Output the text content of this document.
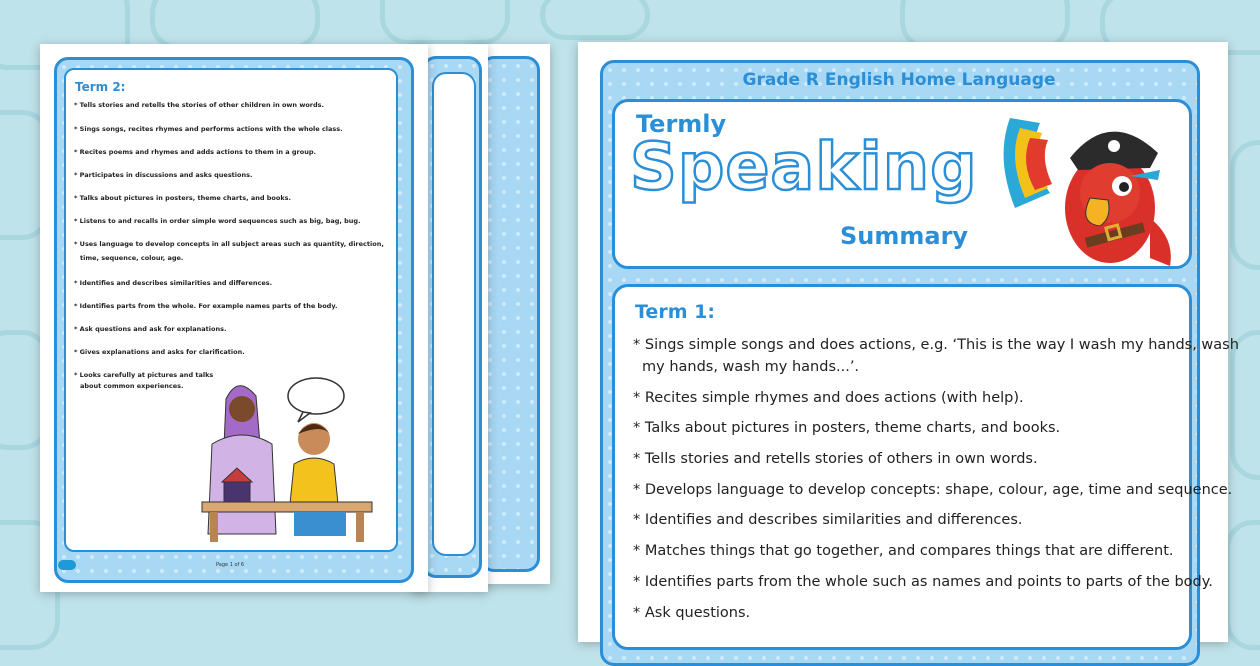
Term 2:
* Tells stories and retells the stories of other children in own words.
* Sings songs, recites rhymes and performs actions with the whole class.
* Recites poems and rhymes and adds actions to them in a group.
* Participates in discussions and asks questions.
* Talks about pictures in posters, theme charts, and books.
* Listens to and recalls in order simple word sequences such as big, bag, bug.
* Uses language to develop concepts in all subject areas such as quantity, direction,
time, sequence, colour, age.
* Identifies and describes similarities and differences.
* Identifies parts from the whole. For example names parts of the body.
* Ask questions and ask for explanations.
* Gives explanations and asks for clarification.
* Looks carefully at pictures and talks
about common experiences.
Page 1 of 6
Grade R English Home Language
Termly
Speaking
Summary
Term 1:
* Sings simple songs and does actions, e.g. ‘This is the way I wash my hands, wash
my hands, wash my hands...’.
* Recites simple rhymes and does actions (with help).
* Talks about pictures in posters, theme charts, and books.
* Tells stories and retells stories of others in own words.
* Develops language to develop concepts: shape, colour, age, time and sequence.
* Identifies and describes similarities and differences.
* Matches things that go together, and compares things that are different.
* Identifies parts from the whole such as names and points to parts of the body.
* Ask questions.
